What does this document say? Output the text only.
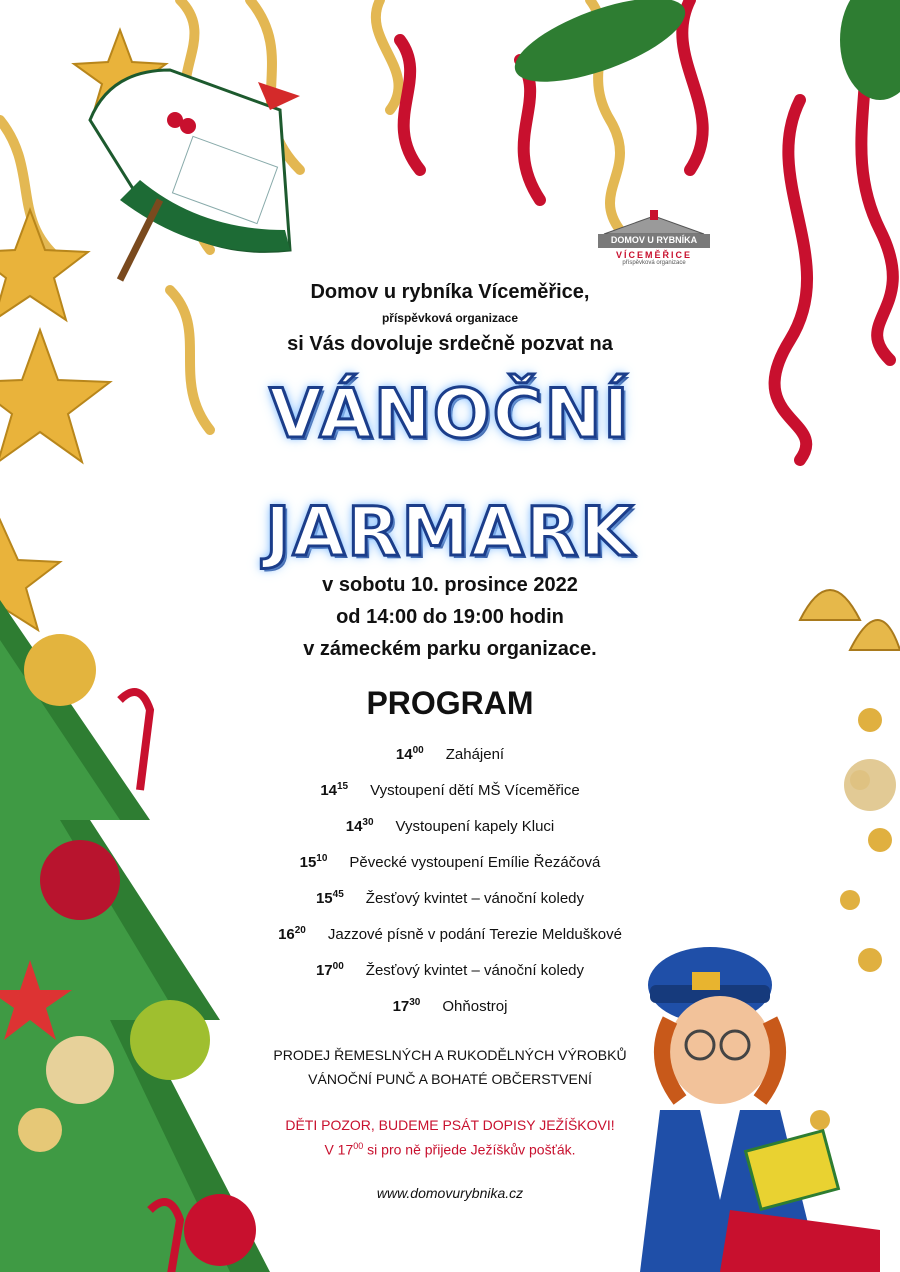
DOMOV U RYBNÍKA
VÍCEMĚŘICE
příspěvková organizace
Domov u rybníka Víceměřice,
příspěvková organizace
si Vás dovoluje srdečně pozvat na
VÁNOČNÍ
JARMARK
v sobotu 10. prosince 2022
od 14:00 do 19:00 hodin
v zámeckém parku organizace.
PROGRAM
$14^{00}$ Zahájení
$14^{15}$ Vystoupení dětí MŠ Víceměřice
$14^{30}$ Vystoupení kapely Kluci
$15^{10}$ Pěvecké vystoupení Emílie Řezáčová
$15^{45}$ Žesťový kvintet – vánoční koledy
$16^{20}$ Jazzové písně v podání Terezie Melduškové
$17^{00}$ Žesťový kvintet – vánoční koledy
$17^{30}$ Ohňostroj
PRODEJ ŘEMESLNÝCH A RUKODĚLNÝCH VÝROBKŮ
VÁNOČNÍ PUNČ A BOHATÉ OBČERSTVENÍ
DĚTI POZOR, BUDEME PSÁT DOPISY JEŽÍŠKOVI!
V $17^{00}$ si pro ně přijede Ježíškův pošťák.
www.domovurybnika.cz
